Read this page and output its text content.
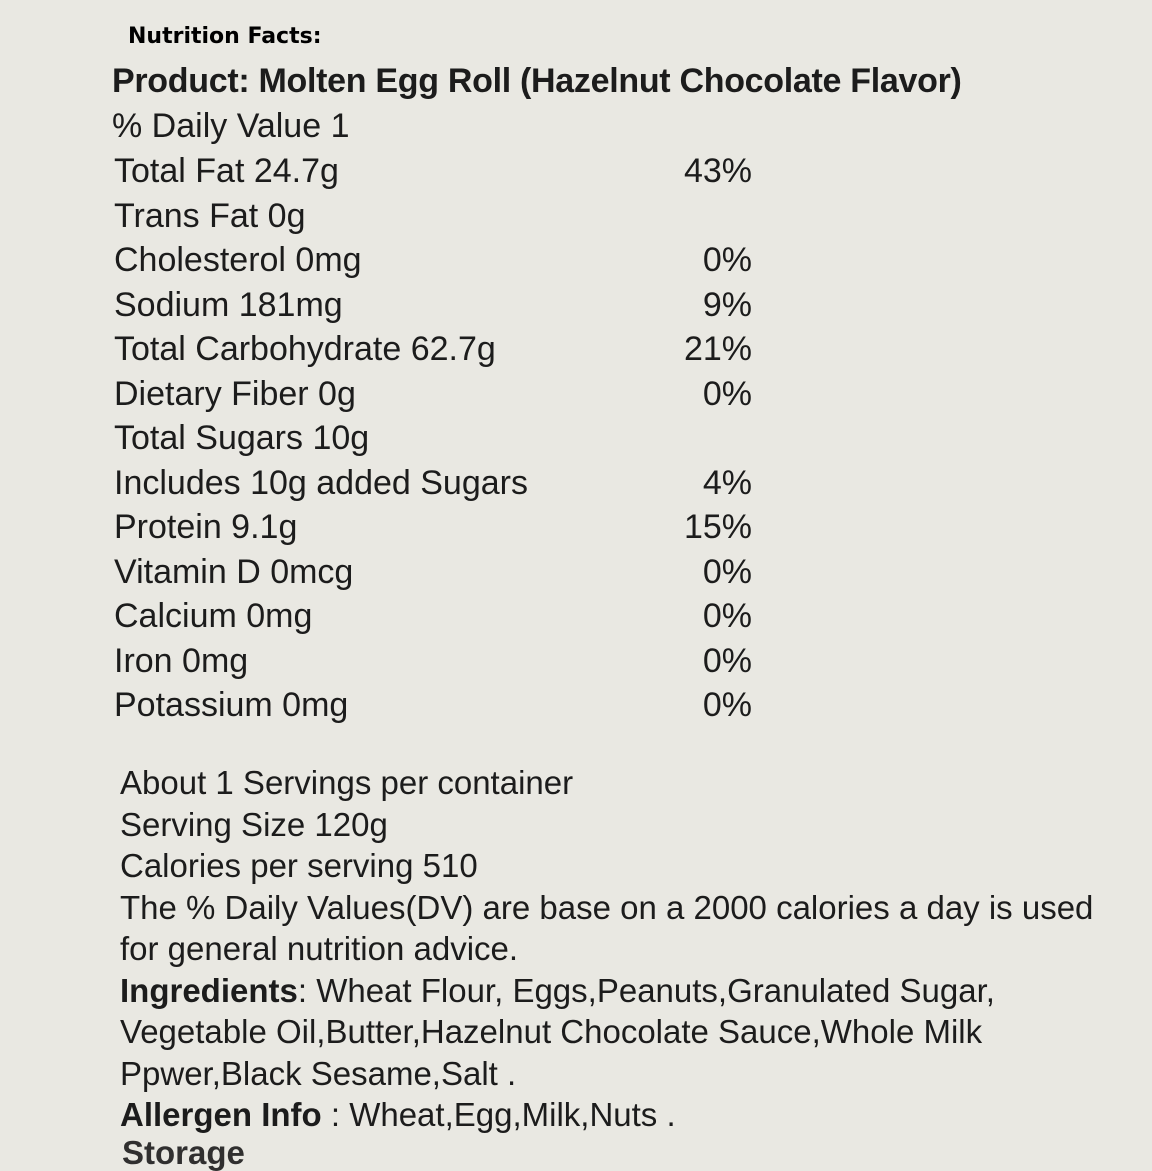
Nutrition Facts:
Product: Molten Egg Roll (Hazelnut Chocolate Flavor)
% Daily Value 1
Total Fat 24.7g	43%
Trans Fat 0g
Cholesterol 0mg	0%
Sodium 181mg	9%
Total Carbohydrate 62.7g	21%
Dietary Fiber 0g	0%
Total Sugars 10g
Includes 10g added Sugars	4%
Protein 9.1g	15%
Vitamin D 0mcg	0%
Calcium 0mg	0%
Iron 0mg	0%
Potassium 0mg	0%

About 1 Servings per container

Serving Size 120g

Calories per serving 510

The % Daily Values(DV) are base on a 2000 calories a day is used for general nutrition advice.

Ingredients: Wheat Flour, Eggs,Peanuts,Granulated Sugar, Vegetable Oil,Butter,Hazelnut Chocolate Sauce,Whole Milk Ppwer,Black Sesame,Salt .

Allergen Info : Wheat,Egg,Milk,Nuts .

Storage
